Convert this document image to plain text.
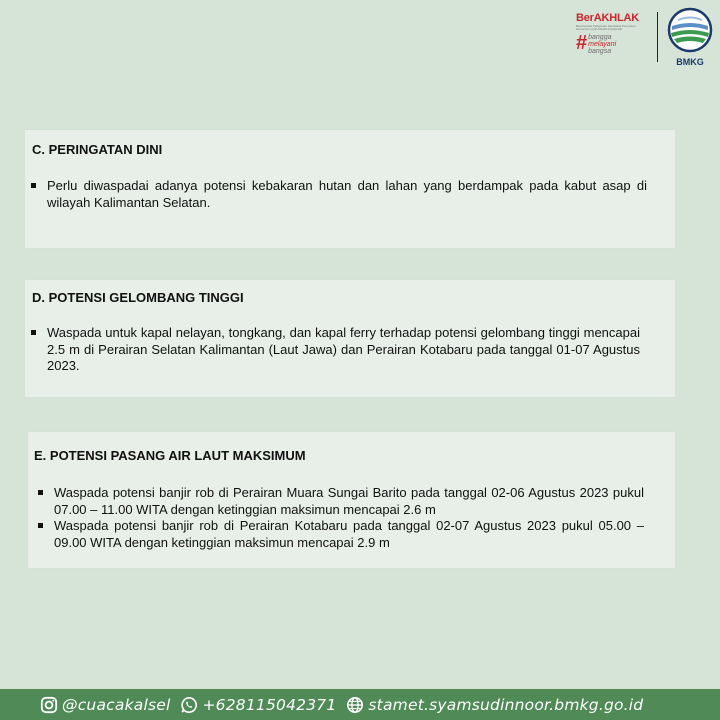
BerAKHLAK
Berorientasi Pelayanan Akuntabel Kompeten Harmonis Loyal Adaptif Kolaboratif
# bangga
melayani
bangsa
BMKG
C. PERINGATAN DINI
Perlu diwaspadai adanya potensi kebakaran hutan dan lahan yang berdampak pada kabut asap di wilayah Kalimantan Selatan.
D. POTENSI GELOMBANG TINGGI
Waspada untuk kapal nelayan, tongkang, dan kapal ferry terhadap potensi gelombang tinggi mencapai 2.5 m di Perairan Selatan Kalimantan (Laut Jawa) dan Perairan Kotabaru pada tanggal 01-07 Agustus 2023.
E. POTENSI PASANG AIR LAUT MAKSIMUM
Waspada potensi banjir rob di Perairan Muara Sungai Barito pada tanggal 02-06 Agustus 2023 pukul 07.00 – 11.00 WITA dengan ketinggian maksimun mencapai 2.6 m
Waspada potensi banjir rob di Perairan Kotabaru pada tanggal 02-07 Agustus 2023 pukul 05.00 – 09.00 WITA dengan ketinggian maksimun mencapai 2.9 m
@cuacakalsel +628115042371 stamet.syamsudinnoor.bmkg.go.id
